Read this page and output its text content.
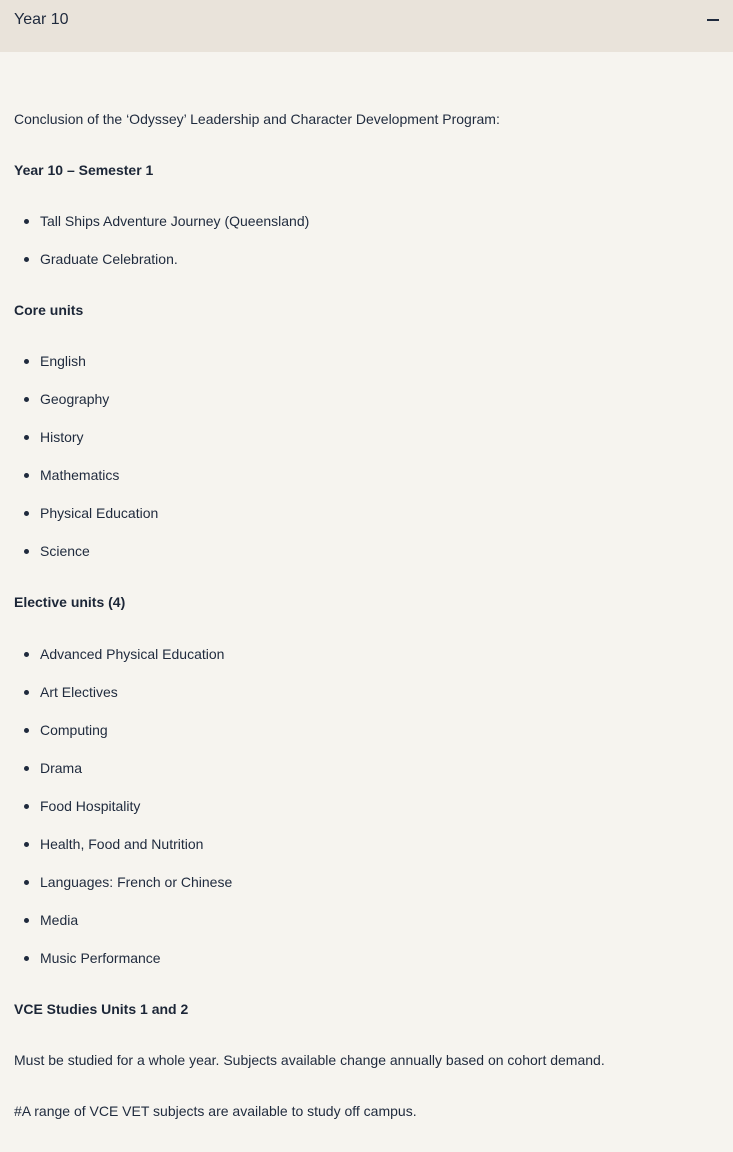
Year 10

Conclusion of the ‘Odyssey’ Leadership and Character Development Program:

Year 10 – Semester 1
Tall Ships Adventure Journey (Queensland)
Graduate Celebration.
Core units
English
Geography
History
Mathematics
Physical Education
Science
Elective units (4)
Advanced Physical Education
Art Electives
Computing
Drama
Food Hospitality
Health, Food and Nutrition
Languages: French or Chinese
Media
Music Performance
VCE Studies Units 1 and 2

Must be studied for a whole year. Subjects available change annually based on cohort demand.

#A range of VCE VET subjects are available to study off campus.
